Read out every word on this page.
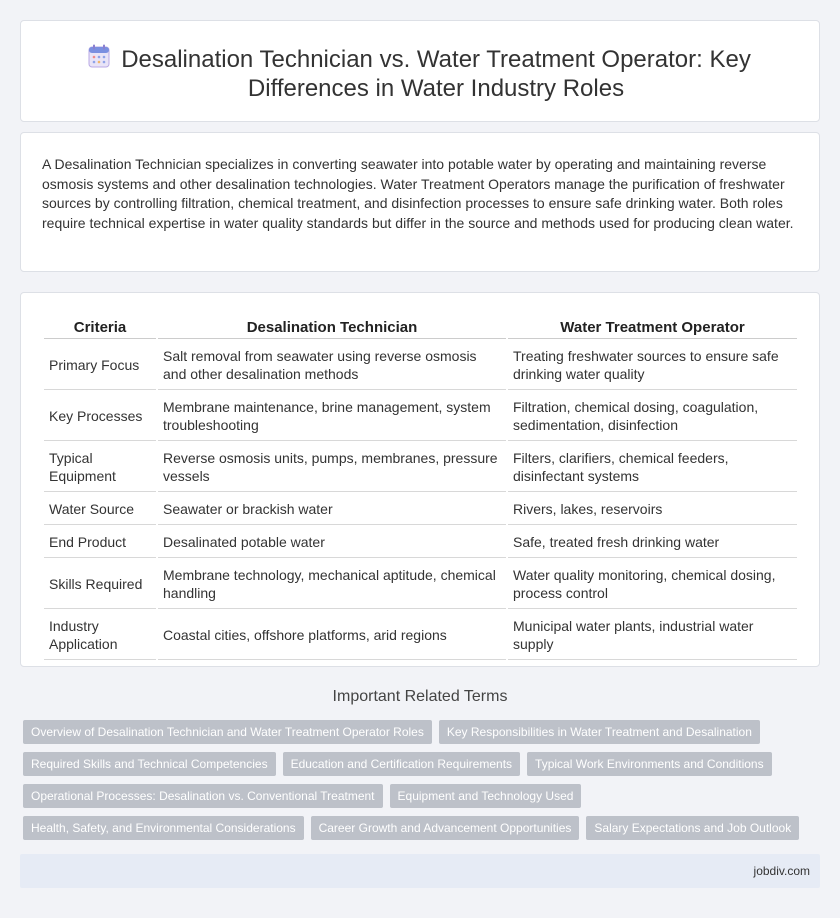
Desalination Technician vs. Water Treatment Operator: Key Differences in Water Industry Roles

A Desalination Technician specializes in converting seawater into potable water by operating and maintaining reverse osmosis systems and other desalination technologies. Water Treatment Operators manage the purification of freshwater sources by controlling filtration, chemical treatment, and disinfection processes to ensure safe drinking water. Both roles require technical expertise in water quality standards but differ in the source and methods used for producing clean water.

Criteria	Desalination Technician	Water Treatment Operator
Primary Focus	Salt removal from seawater using reverse osmosis and other desalination methods	Treating freshwater sources to ensure safe drinking water quality
Key Processes	Membrane maintenance, brine management, system troubleshooting	Filtration, chemical dosing, coagulation, sedimentation, disinfection
Typical Equipment	Reverse osmosis units, pumps, membranes, pressure vessels	Filters, clarifiers, chemical feeders, disinfectant systems
Water Source	Seawater or brackish water	Rivers, lakes, reservoirs
End Product	Desalinated potable water	Safe, treated fresh drinking water
Skills Required	Membrane technology, mechanical aptitude, chemical handling	Water quality monitoring, chemical dosing, process control
Industry Application	Coastal cities, offshore platforms, arid regions	Municipal water plants, industrial water supply
Important Related Terms
Overview of Desalination Technician and Water Treatment Operator Roles	Key Responsibilities in Water Treatment and Desalination
Required Skills and Technical Competencies	Education and Certification Requirements	Typical Work Environments and Conditions
Operational Processes: Desalination vs. Conventional Treatment	Equipment and Technology Used
Health, Safety, and Environmental Considerations	Career Growth and Advancement Opportunities	Salary Expectations and Job Outlook
jobdiv.com
